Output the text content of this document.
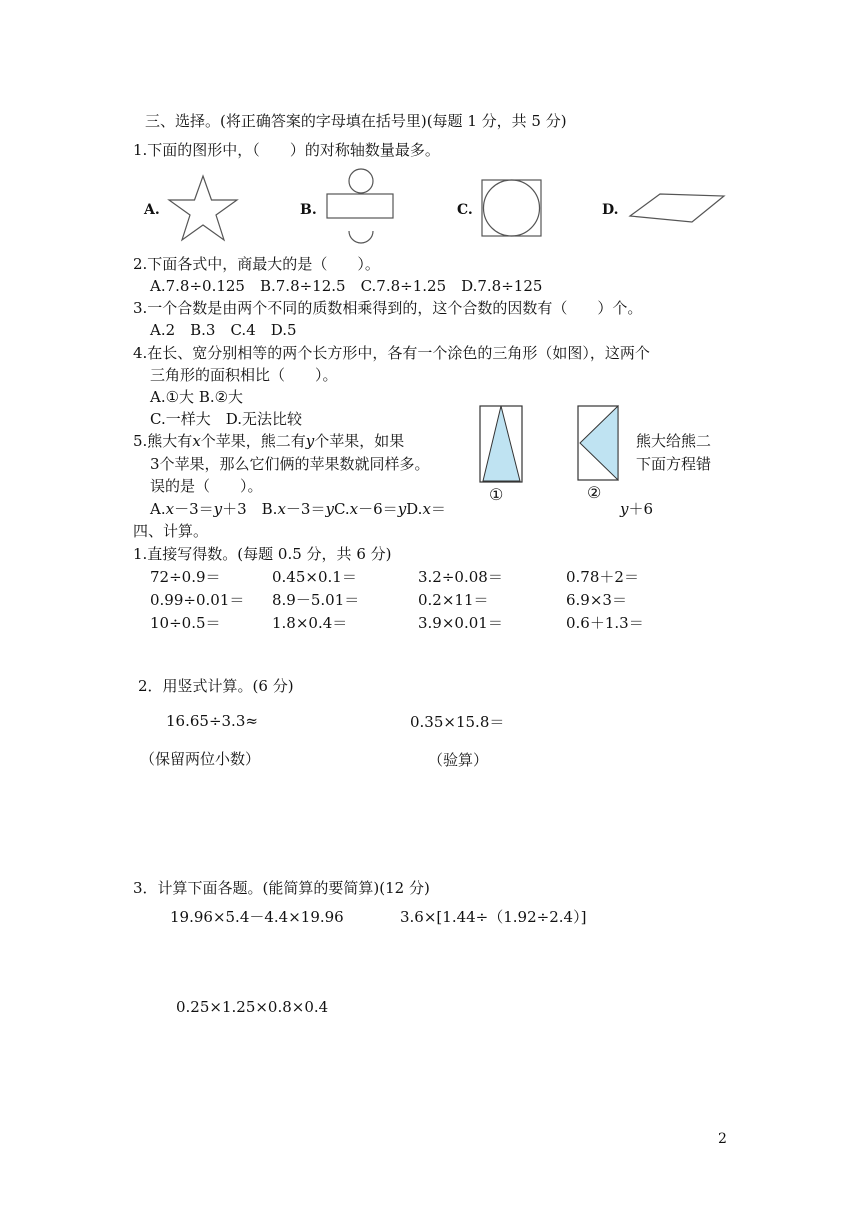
三、选择。(将正确答案的字母填在括号里)(每题 1 分，共 5 分)
1.下面的图形中，（　　）的对称轴数量最多。
A.	B.	C.	D.
2.下面各式中，商最大的是（　　）。
A.7.8÷0.125　B.7.8÷12.5　C.7.8÷1.25　D.7.8÷125
3.一个合数是由两个不同的质数相乘得到的，这个合数的因数有（　　）个。
A.2　B.3　C.4　D.5
4.在长、宽分别相等的两个长方形中，各有一个涂色的三角形（如图），这两个
三角形的面积相比（　　）。
A.①大 B.②大
C.一样大　D.无法比较
①	②
5.熊大有x个苹果，熊二有y个苹果，如果	熊大给熊二
3个苹果，那么它们俩的苹果数就同样多。	下面方程错
误的是（　　）。
A.x－3＝y＋3　B.x－3＝yC.x－6＝yD.x＝	y＋6
四、计算。
1.直接写得数。(每题 0.5 分，共 6 分)
72÷0.9＝	0.45×0.1＝	3.2÷0.08＝	0.78＋2＝
0.99÷0.01＝ 8.9－5.01＝	0.2×11＝	6.9×3＝
10÷0.5＝	1.8×0.4＝	3.9×0.01＝	0.6＋1.3＝
2．用竖式计算。(6 分)
16.65÷3.3≈	0.35×15.8＝
（保留两位小数）	（验算）
3．计算下面各题。(能简算的要简算)(12 分)
19.96×5.4－4.4×19.96	3.6×[1.44÷（1.92÷2.4）]
0.25×1.25×0.8×0.4
2
